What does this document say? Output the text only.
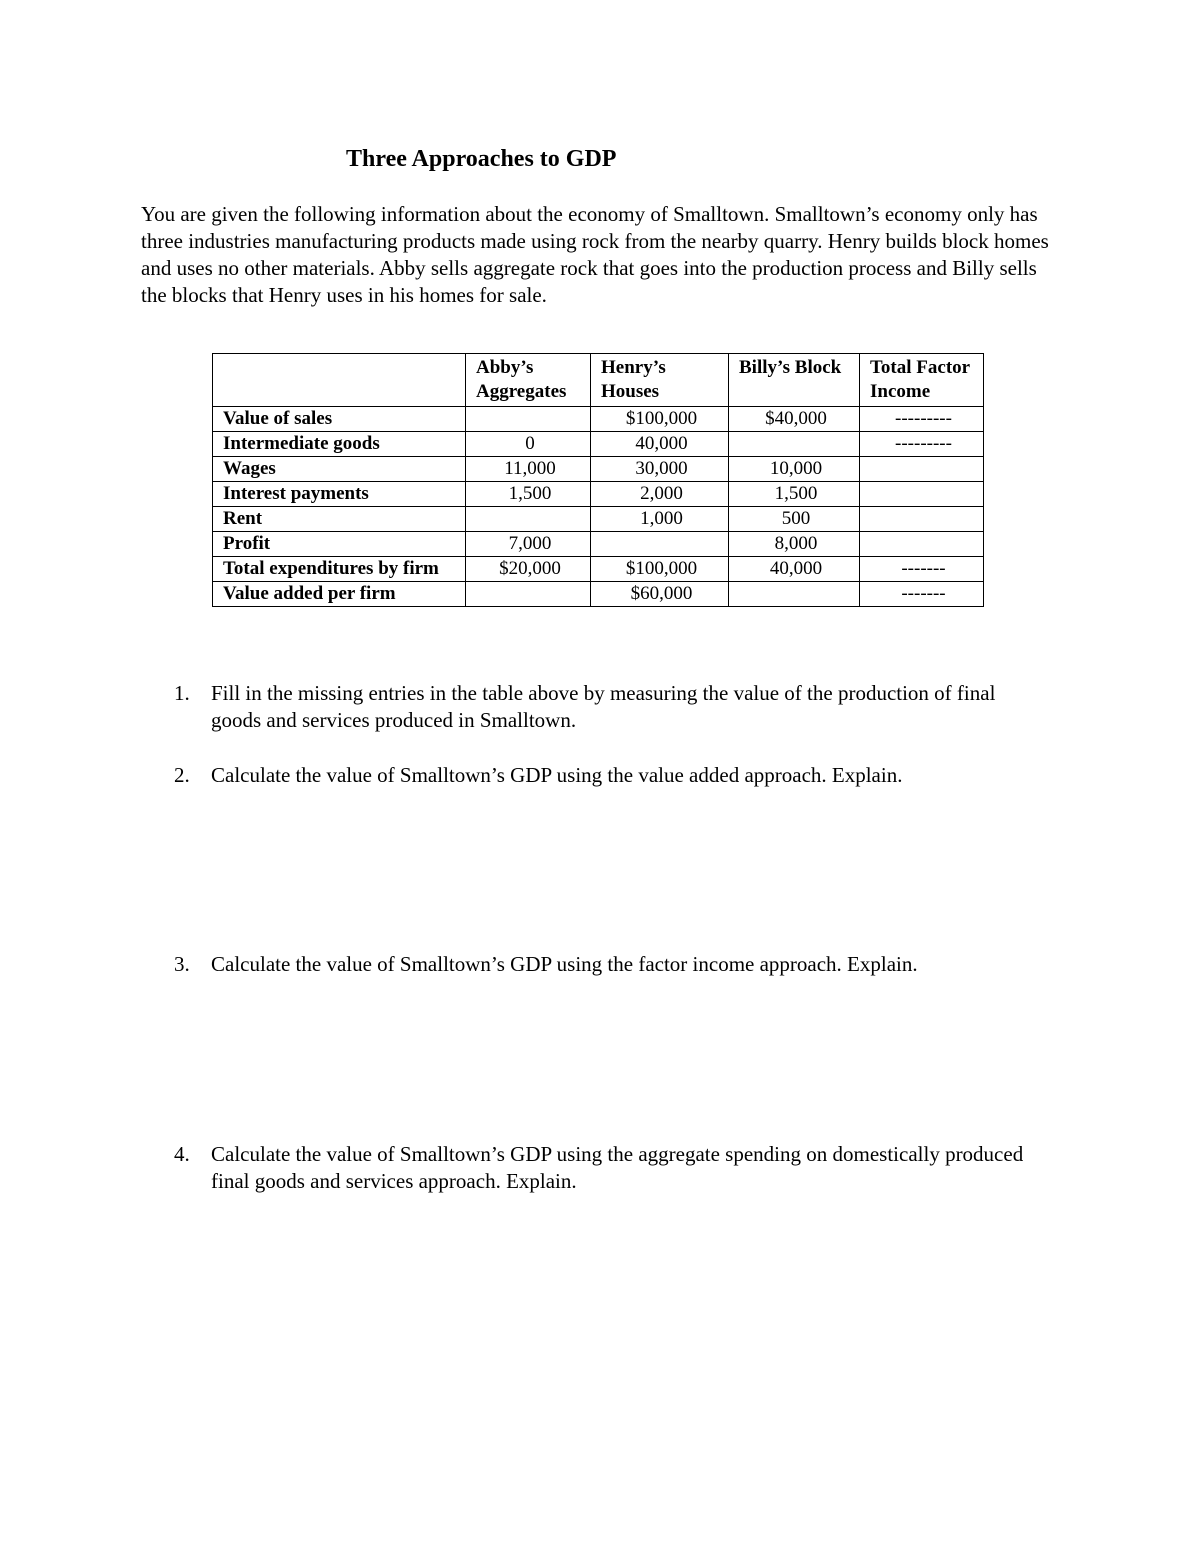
Three Approaches to GDP

You are given the following information about the economy of Smalltown. Smalltown’s economy only has three industries manufacturing products made using rock from the nearby quarry. Henry builds block homes and uses no other materials. Abby sells aggregate rock that goes into the production process and Billy sells the blocks that Henry uses in his homes for sale.

	Abby’s Aggregates	Henry’s Houses	Billy’s Block	Total Factor Income
Value of sales		$100,000	$40,000	---------
Intermediate goods	0	40,000		---------
Wages	11,000	30,000	10,000	
Interest payments	1,500	2,000	1,500	
Rent		1,000	500	
Profit	7,000		8,000	
Total expenditures by firm	$20,000	$100,000	40,000	-------
Value added per firm		$60,000		-------
1. Fill in the missing entries in the table above by measuring the value of the production of final goods and services produced in Smalltown.
2. Calculate the value of Smalltown’s GDP using the value added approach. Explain.
3. Calculate the value of Smalltown’s GDP using the factor income approach. Explain.
4. Calculate the value of Smalltown’s GDP using the aggregate spending on domestically produced final goods and services approach. Explain.
